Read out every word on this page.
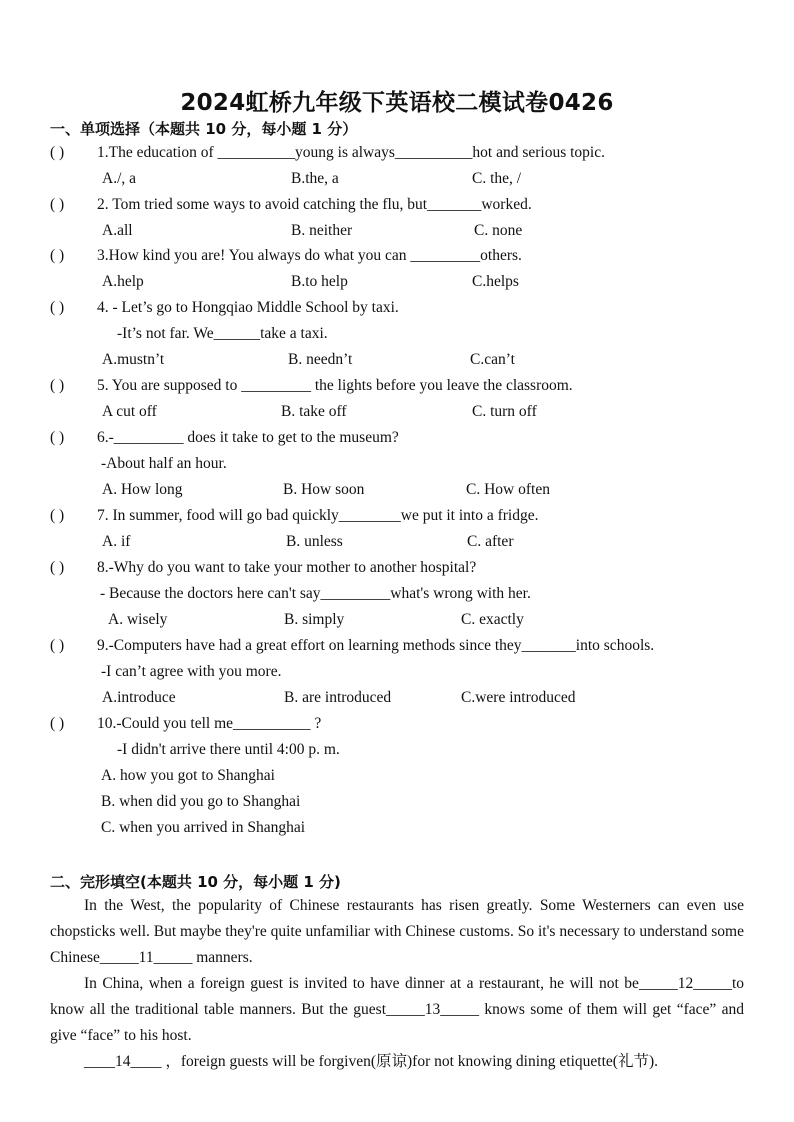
2024虹桥九年级下英语校二模试卷0426
一、单项选择（本题共 10 分，每小题 1 分）
( ) 1.The education of __________young is always__________hot and serious topic.
A./, a	B.the, a	C. the, /
( ) 2. Tom tried some ways to avoid catching the flu, but_______worked.
A.all	B. neither	C. none
( ) 3.How kind you are! You always do what you can _________others.
A.help	B.to help	C.helps
( ) 4. - Let’s go to Hongqiao Middle School by taxi.
-It’s not far. We______take a taxi.
A.mustn’t	B. needn’t	C.can’t
( ) 5. You are supposed to _________ the lights before you leave the classroom.
A cut off	B. take off	C. turn off
( ) 6.-_________ does it take to get to the museum?
-About half an hour.
A. How long	B. How soon	C. How often
( ) 7. In summer, food will go bad quickly________we put it into a fridge.
A. if	B. unless	C. after
( ) 8.-Why do you want to take your mother to another hospital?
- Because the doctors here can't say_________what's wrong with her.
A. wisely	B. simply	C. exactly
( ) 9.-Computers have had a great effort on learning methods since they_______into schools.
-I can’t agree with you more.
A.introduce	B. are introduced	C.were introduced
( ) 10.-Could you tell me__________ ?
-I didn't arrive there until 4:00 p. m.
A. how you got to Shanghai
B. when did you go to Shanghai
C. when you arrived in Shanghai
二、完形填空(本题共 10 分，每小题 1 分)
In the West, the popularity of Chinese restaurants has risen greatly. Some Westerners can even use chopsticks well. But maybe they're quite unfamiliar with Chinese customs. So it's necessary to understand some Chinese_____11_____ manners.
In China, when a foreign guest is invited to have dinner at a restaurant, he will not be_____12_____to know all the traditional table manners. But the guest_____13_____ knows some of them will get “face” and give “face” to his host.
____14____ ，foreign guests will be forgiven(原谅)for not knowing dining etiquette(礼节).
